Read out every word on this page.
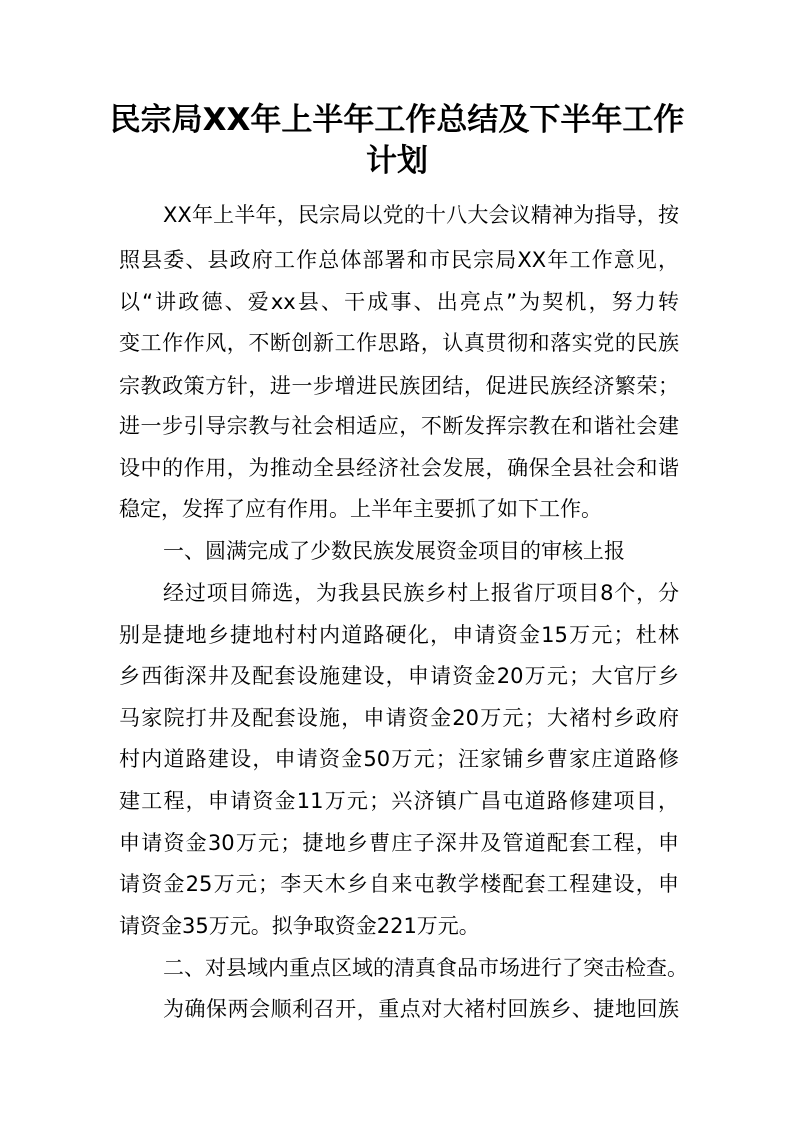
民宗局XX年上半年工作总结及下半年工作
计划

XX年上半年，民宗局以党的十八大会议精神为指导，按

照县委、县政府工作总体部署和市民宗局XX年工作意见，

以“讲政德、爱xx县、干成事、出亮点”为契机，努力转

变工作作风，不断创新工作思路，认真贯彻和落实党的民族

宗教政策方针，进一步增进民族团结，促进民族经济繁荣；

进一步引导宗教与社会相适应，不断发挥宗教在和谐社会建

设中的作用，为推动全县经济社会发展，确保全县社会和谐

稳定，发挥了应有作用。上半年主要抓了如下工作。

一、圆满完成了少数民族发展资金项目的审核上报

经过项目筛选，为我县民族乡村上报省厅项目8个，分

别是捷地乡捷地村村内道路硬化，申请资金15万元；杜林

乡西街深井及配套设施建设，申请资金20万元；大官厅乡

马家院打井及配套设施，申请资金20万元；大褚村乡政府

村内道路建设，申请资金50万元；汪家铺乡曹家庄道路修

建工程，申请资金11万元；兴济镇广昌屯道路修建项目，

申请资金30万元；捷地乡曹庄子深井及管道配套工程，申

请资金25万元；李天木乡自来屯教学楼配套工程建设，申

请资金35万元。拟争取资金221万元。

二、对县域内重点区域的清真食品市场进行了突击检查。

为确保两会顺利召开，重点对大褚村回族乡、捷地回族
